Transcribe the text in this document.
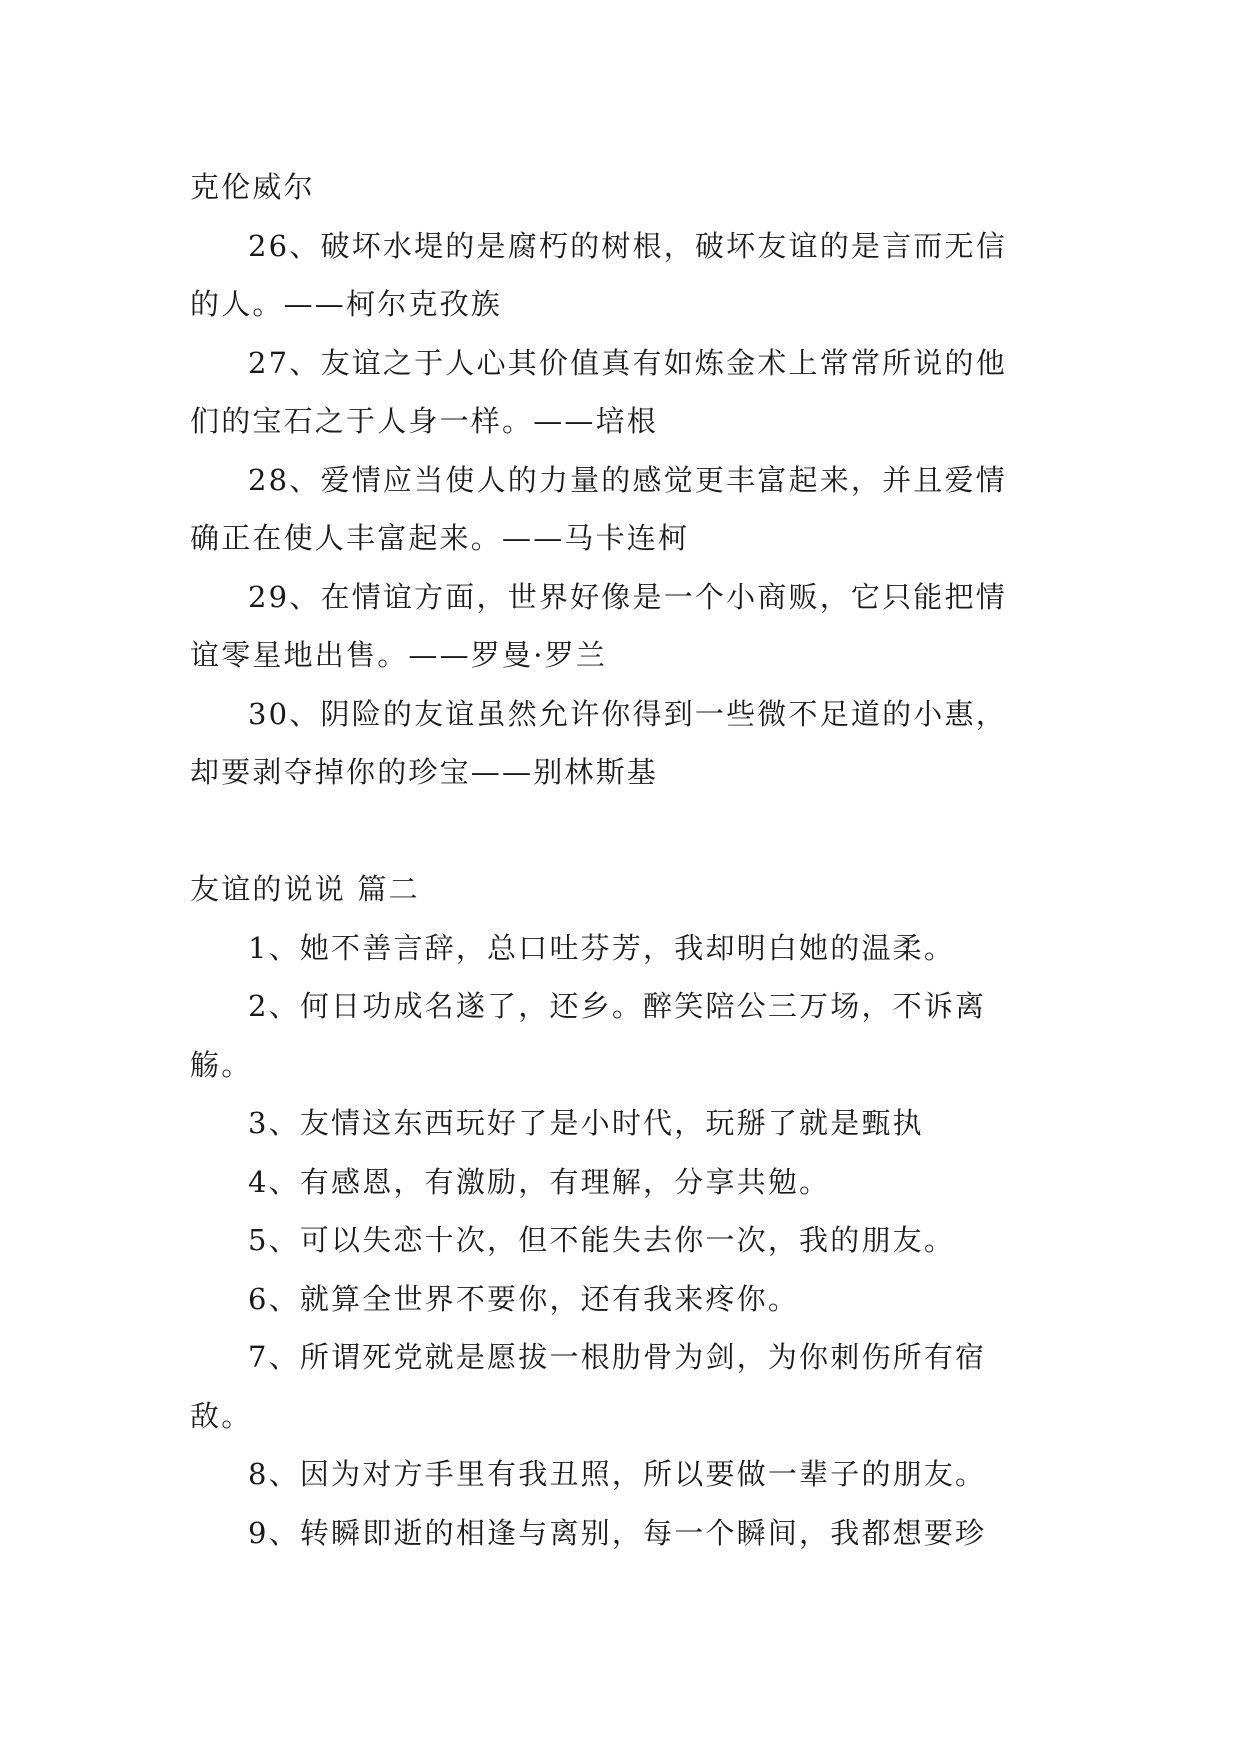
克伦威尔
26、破坏水堤的是腐朽的树根，破坏友谊的是言而无信
的人。——柯尔克孜族
27、友谊之于人心其价值真有如炼金术上常常所说的他
们的宝石之于人身一样。——培根
28、爱情应当使人的力量的感觉更丰富起来，并且爱情
确正在使人丰富起来。——马卡连柯
29、在情谊方面，世界好像是一个小商贩，它只能把情
谊零星地出售。——罗曼·罗兰
30、阴险的友谊虽然允许你得到一些微不足道的小惠，
却要剥夺掉你的珍宝——别林斯基
友谊的说说 篇二
1、她不善言辞，总口吐芬芳，我却明白她的温柔。
2、何日功成名遂了，还乡。醉笑陪公三万场，不诉离
觞。
3、友情这东西玩好了是小时代，玩掰了就是甄执
4、有感恩，有激励，有理解，分享共勉。
5、可以失恋十次，但不能失去你一次，我的朋友。
6、就算全世界不要你，还有我来疼你。
7、所谓死党就是愿拔一根肋骨为剑，为你刺伤所有宿
敌。
8、因为对方手里有我丑照，所以要做一辈子的朋友。
9、转瞬即逝的相逢与离别，每一个瞬间，我都想要珍
